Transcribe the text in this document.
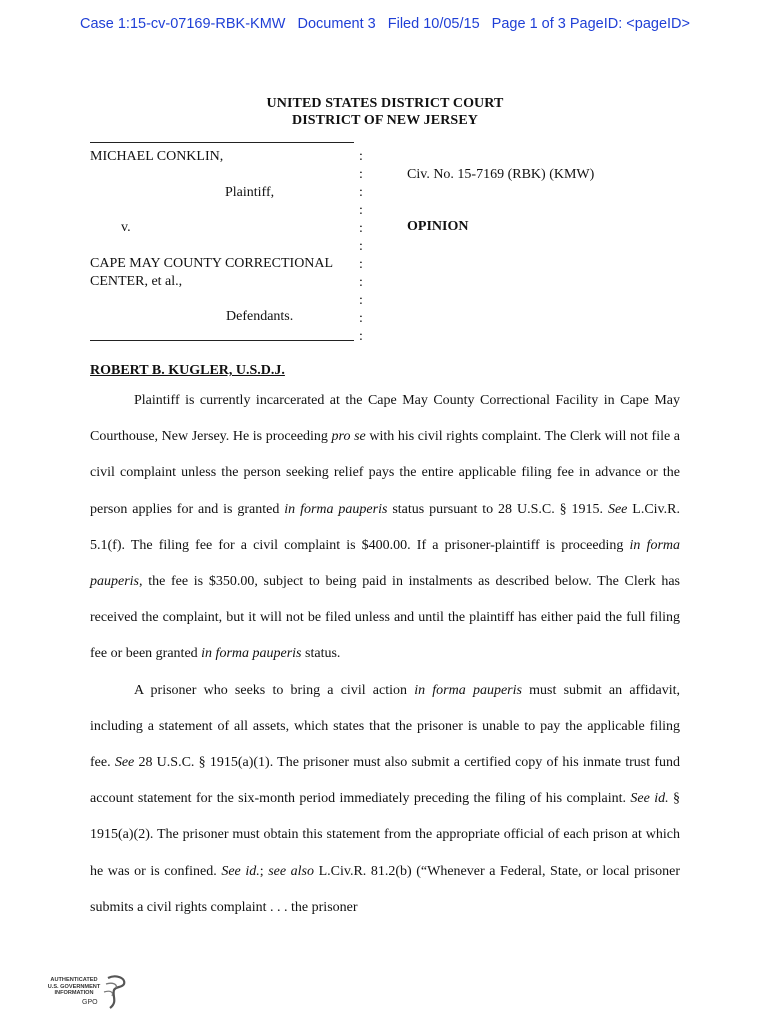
Case 1:15-cv-07169-RBK-KMW Document 3 Filed 10/05/15 Page 1 of 3 PageID: <pageID>
UNITED STATES DISTRICT COURT
DISTRICT OF NEW JERSEY
MICHAEL CONKLIN,
Plaintiff,
v.
CAPE MAY COUNTY CORRECTIONAL
CENTER, et al.,
Defendants.
:
:
:
:
:
:
:
:
:
:
:
Civ. No. 15-7169 (RBK) (KMW)
OPINION
ROBERT B. KUGLER, U.S.D.J.

Plaintiff is currently incarcerated at the Cape May County Correctional Facility in Cape May Courthouse, New Jersey. He is proceeding pro se with his civil rights complaint. The Clerk will not file a civil complaint unless the person seeking relief pays the entire applicable filing fee in advance or the person applies for and is granted in forma pauperis status pursuant to 28 U.S.C. § 1915. See L.Civ.R. 5.1(f). The filing fee for a civil complaint is $400.00. If a prisoner-plaintiff is proceeding in forma pauperis, the fee is $350.00, subject to being paid in instalments as described below. The Clerk has received the complaint, but it will not be filed unless and until the plaintiff has either paid the full filing fee or been granted in forma pauperis status.

A prisoner who seeks to bring a civil action in forma pauperis must submit an affidavit, including a statement of all assets, which states that the prisoner is unable to pay the applicable filing fee. See 28 U.S.C. § 1915(a)(1). The prisoner must also submit a certified copy of his inmate trust fund account statement for the six-month period immediately preceding the filing of his complaint. See id. § 1915(a)(2). The prisoner must obtain this statement from the appropriate official of each prison at which he was or is confined. See id.; see also L.Civ.R. 81.2(b) (“Whenever a Federal, State, or local prisoner submits a civil rights complaint . . . the prisoner

AUTHENTICATED
U.S. GOVERNMENT
INFORMATION
GPO
